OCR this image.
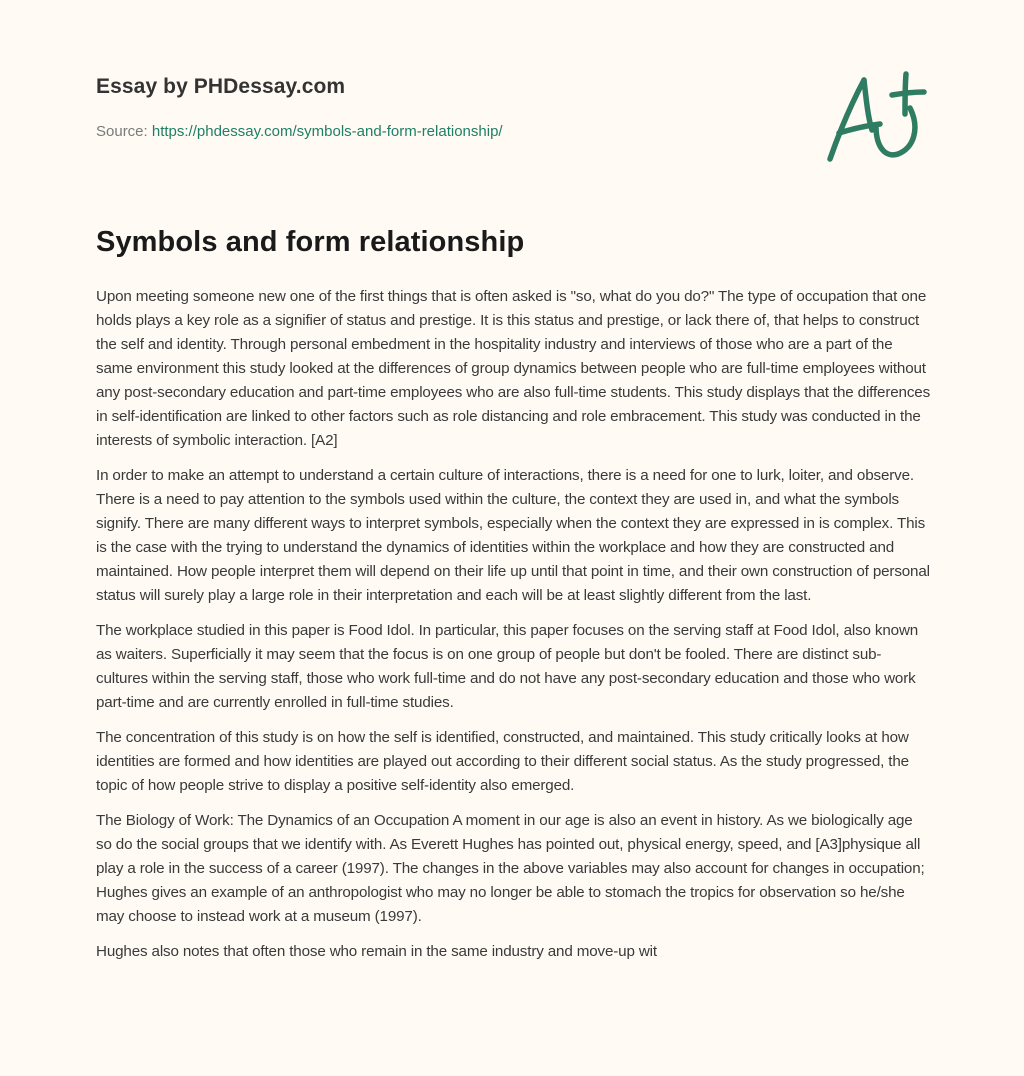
Essay by PHDessay.com
Source: https://phdessay.com/symbols-and-form-relationship/
Symbols and form relationship

Upon meeting someone new one of the first things that is often asked is "so, what do you do?" The type of occupation that one holds plays a key role as a signifier of status and prestige. It is this status and prestige, or lack there of, that helps to construct the self and identity. Through personal embedment in the hospitality industry and interviews of those who are a part of the same environment this study looked at the differences of group dynamics between people who are full-time employees without any post-secondary education and part-time employees who are also full-time students. This study displays that the differences in self-identification are linked to other factors such as role distancing and role embracement. This study was conducted in the interests of symbolic interaction. [A2]

In order to make an attempt to understand a certain culture of interactions, there is a need for one to lurk, loiter, and observe. There is a need to pay attention to the symbols used within the culture, the context they are used in, and what the symbols signify. There are many different ways to interpret symbols, especially when the context they are expressed in is complex. This is the case with the trying to understand the dynamics of identities within the workplace and how they are constructed and maintained. How people interpret them will depend on their life up until that point in time, and their own construction of personal status will surely play a large role in their interpretation and each will be at least slightly different from the last.

The workplace studied in this paper is Food Idol. In particular, this paper focuses on the serving staff at Food Idol, also known as waiters. Superficially it may seem that the focus is on one group of people but don't be fooled. There are distinct sub-cultures within the serving staff, those who work full-time and do not have any post-secondary education and those who work part-time and are currently enrolled in full-time studies.

The concentration of this study is on how the self is identified, constructed, and maintained. This study critically looks at how identities are formed and how identities are played out according to their different social status. As the study progressed, the topic of how people strive to display a positive self-identity also emerged.

The Biology of Work: The Dynamics of an Occupation A moment in our age is also an event in history. As we biologically age so do the social groups that we identify with. As Everett Hughes has pointed out, physical energy, speed, and [A3]physique all play a role in the success of a career (1997). The changes in the above variables may also account for changes in occupation; Hughes gives an example of an anthropologist who may no longer be able to stomach the tropics for observation so he/she may choose to instead work at a museum (1997).

Hughes also notes that often those who remain in the same industry and move-up wit
